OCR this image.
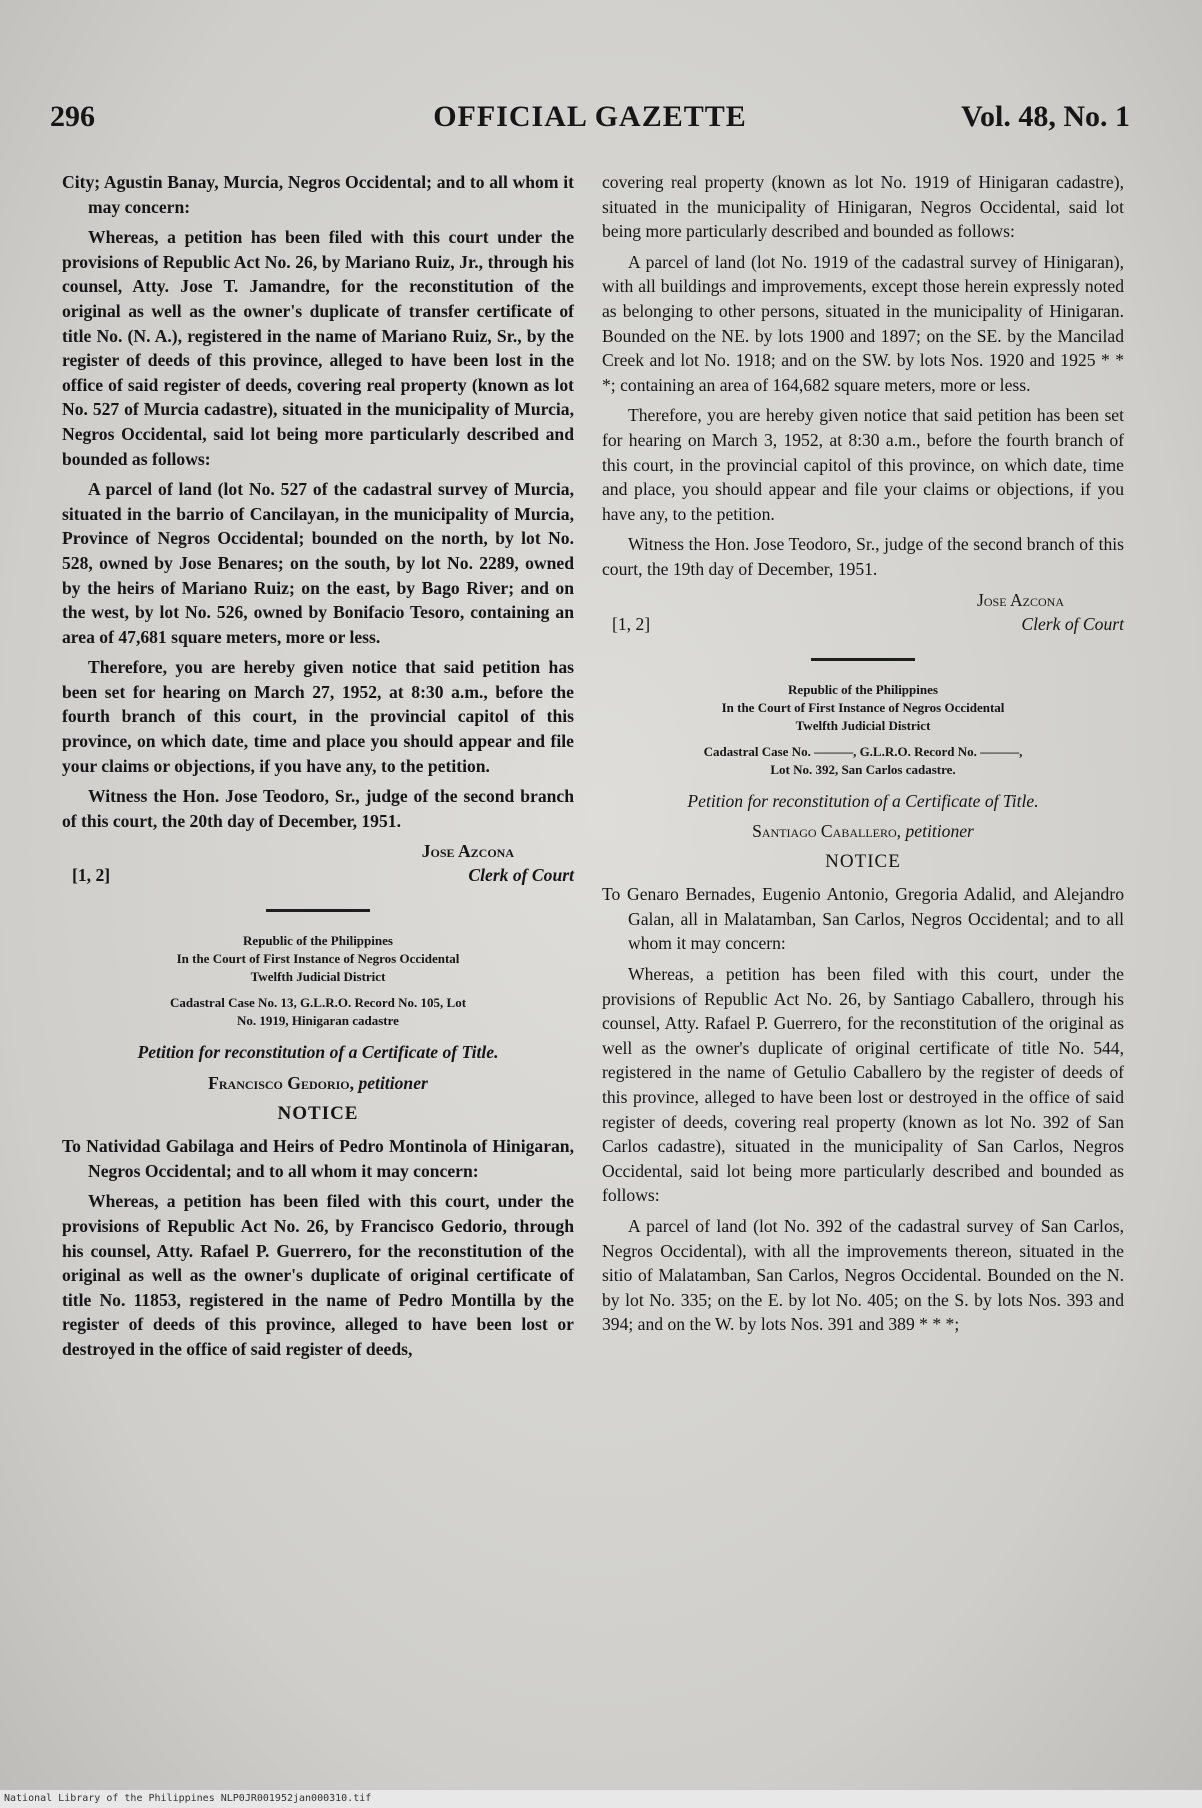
296	OFFICIAL GAZETTE	Vol. 48, No. 1

City; Agustin Banay, Murcia, Negros Occidental; and to all whom it may concern:

Whereas, a petition has been filed with this court under the provisions of Republic Act No. 26, by Mariano Ruiz, Jr., through his counsel, Atty. Jose T. Jamandre, for the reconstitution of the original as well as the owner's duplicate of transfer certificate of title No. (N. A.), registered in the name of Mariano Ruiz, Sr., by the register of deeds of this province, alleged to have been lost in the office of said register of deeds, covering real property (known as lot No. 527 of Murcia cadastre), situated in the municipality of Murcia, Negros Occidental, said lot being more particularly described and bounded as follows:

A parcel of land (lot No. 527 of the cadastral survey of Murcia, situated in the barrio of Cancilayan, in the municipality of Murcia, Province of Negros Occidental; bounded on the north, by lot No. 528, owned by Jose Benares; on the south, by lot No. 2289, owned by the heirs of Mariano Ruiz; on the east, by Bago River; and on the west, by lot No. 526, owned by Bonifacio Tesoro, containing an area of 47,681 square meters, more or less.

Therefore, you are hereby given notice that said petition has been set for hearing on March 27, 1952, at 8:30 a.m., before the fourth branch of this court, in the provincial capitol of this province, on which date, time and place you should appear and file your claims or objections, if you have any, to the petition.

Witness the Hon. Jose Teodoro, Sr., judge of the second branch of this court, the 20th day of December, 1951.

Jose Azcona
[1, 2]	Clerk of Court
Republic of the Philippines
In the Court of First Instance of Negros Occidental
Twelfth Judicial District
Cadastral Case No. 13, G.L.R.O. Record No. 105, Lot
No. 1919, Hinigaran cadastre

Petition for reconstitution of a Certificate of Title.

Francisco Gedorio, petitioner

NOTICE

To Natividad Gabilaga and Heirs of Pedro Montinola of Hinigaran, Negros Occidental; and to all whom it may concern:

Whereas, a petition has been filed with this court, under the provisions of Republic Act No. 26, by Francisco Gedorio, through his counsel, Atty. Rafael P. Guerrero, for the reconstitution of the original as well as the owner's duplicate of original certificate of title No. 11853, registered in the name of Pedro Montilla by the register of deeds of this province, alleged to have been lost or destroyed in the office of said register of deeds,

covering real property (known as lot No. 1919 of Hinigaran cadastre), situated in the municipality of Hinigaran, Negros Occidental, said lot being more particularly described and bounded as follows:

A parcel of land (lot No. 1919 of the cadastral survey of Hinigaran), with all buildings and improvements, except those herein expressly noted as belonging to other persons, situated in the municipality of Hinigaran. Bounded on the NE. by lots 1900 and 1897; on the SE. by the Mancilad Creek and lot No. 1918; and on the SW. by lots Nos. 1920 and 1925 * * *; containing an area of 164,682 square meters, more or less.

Therefore, you are hereby given notice that said petition has been set for hearing on March 3, 1952, at 8:30 a.m., before the fourth branch of this court, in the provincial capitol of this province, on which date, time and place, you should appear and file your claims or objections, if you have any, to the petition.

Witness the Hon. Jose Teodoro, Sr., judge of the second branch of this court, the 19th day of December, 1951.

Jose Azcona
[1, 2]	Clerk of Court
Republic of the Philippines
In the Court of First Instance of Negros Occidental
Twelfth Judicial District
Cadastral Case No. ———, G.L.R.O. Record No. ———,
Lot No. 392, San Carlos cadastre.

Petition for reconstitution of a Certificate of Title.

Santiago Caballero, petitioner

NOTICE

To Genaro Bernades, Eugenio Antonio, Gregoria Adalid, and Alejandro Galan, all in Malatamban, San Carlos, Negros Occidental; and to all whom it may concern:

Whereas, a petition has been filed with this court, under the provisions of Republic Act No. 26, by Santiago Caballero, through his counsel, Atty. Rafael P. Guerrero, for the reconstitution of the original as well as the owner's duplicate of original certificate of title No. 544, registered in the name of Getulio Caballero by the register of deeds of this province, alleged to have been lost or destroyed in the office of said register of deeds, covering real property (known as lot No. 392 of San Carlos cadastre), situated in the municipality of San Carlos, Negros Occidental, said lot being more particularly described and bounded as follows:

A parcel of land (lot No. 392 of the cadastral survey of San Carlos, Negros Occidental), with all the improvements thereon, situated in the sitio of Malatamban, San Carlos, Negros Occidental. Bounded on the N. by lot No. 335; on the E. by lot No. 405; on the S. by lots Nos. 393 and 394; and on the W. by lots Nos. 391 and 389 * * *;

National Library of the Philippines NLP0JR001952jan000310.tif
